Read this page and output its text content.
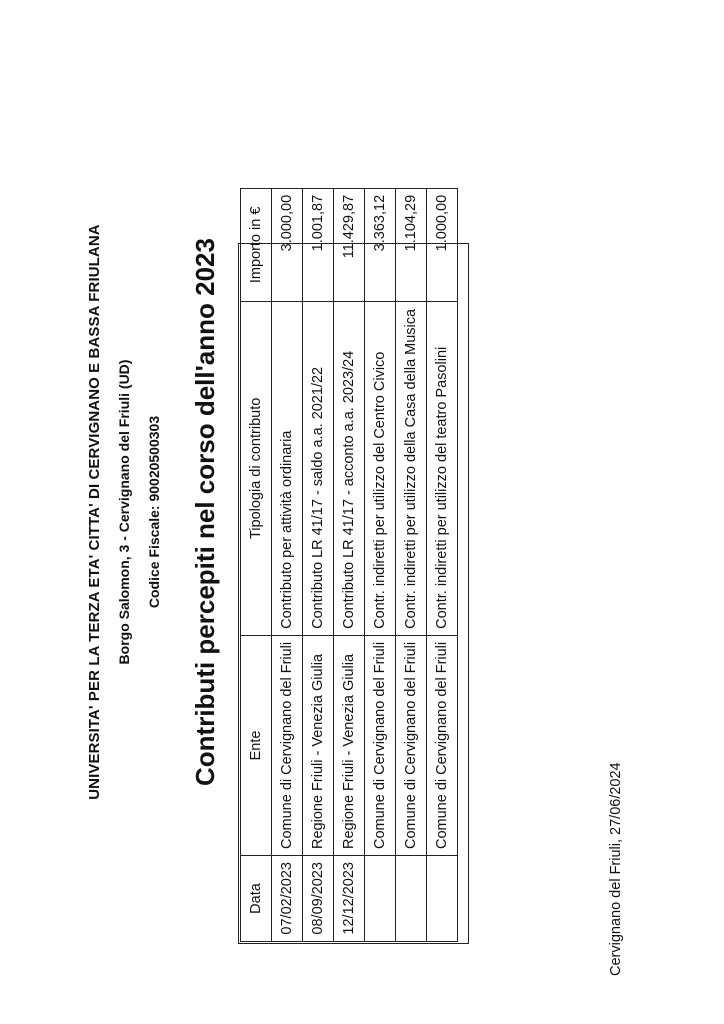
UNIVERSITA' PER LA TERZA ETA' CITTA' DI CERVIGNANO E BASSA FRIULANA Borgo Salomon, 3 - Cervignano del Friuli (UD) Codice Fiscale: 90020500303 Contributi percepiti nel corso dell'anno 2023
Data	Ente	Tipologia di contributo	Importo in €
07/02/2023	Comune di Cervignano del Friuli	Contributo per attività ordinaria	3.000,00
08/09/2023	Regione Friuli - Venezia Giulia	Contributo LR 41/17 - saldo a.a. 2021/22	1.001,87
12/12/2023	Regione Friuli - Venezia Giulia	Contributo LR 41/17 - acconto a.a. 2023/24	11.429,87
	Comune di Cervignano del Friuli	Contr. indiretti per utilizzo del Centro Civico	3.363,12
	Comune di Cervignano del Friuli	Contr. indiretti per utilizzo della Casa della Musica	1.104,29
	Comune di Cervignano del Friuli	Contr. indiretti per utilizzo del teatro Pasolini	1.000,00
Cervignano del Friuli, 27/06/2024
